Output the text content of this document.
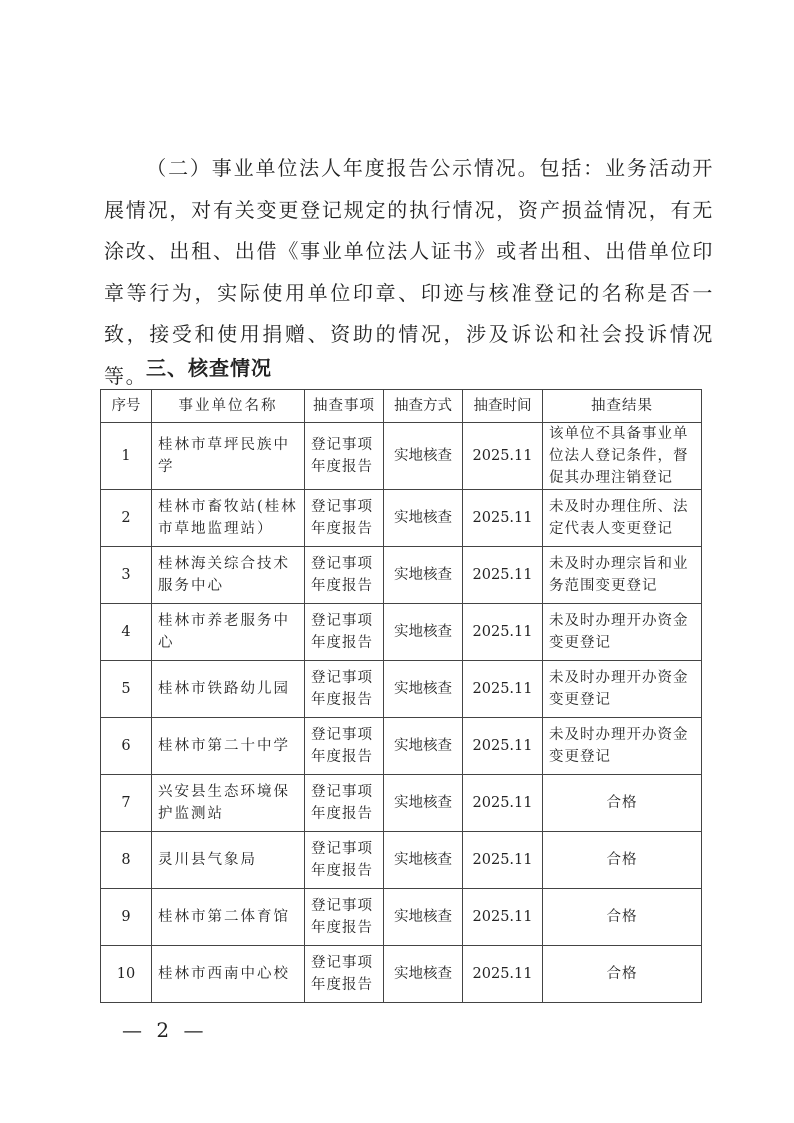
（二）事业单位法人年度报告公示情况。包括：业务活动开展情况，对有关变更登记规定的执行情况，资产损益情况，有无涂改、出租、出借《事业单位法人证书》或者出租、出借单位印章等行为，实际使用单位印章、印迹与核准登记的名称是否一致，接受和使用捐赠、资助的情况，涉及诉讼和社会投诉情况等。

三、核查情况
序号	事业单位名称	抽查事项	抽查方式	抽查时间	抽查结果
1	桂林市草坪民族中学	登记事项年度报告	实地核查	2025.11	该单位不具备事业单位法人登记条件，督促其办理注销登记
2	桂林市畜牧站(桂林市草地监理站）	登记事项年度报告	实地核查	2025.11	未及时办理住所、法定代表人变更登记
3	桂林海关综合技术服务中心	登记事项年度报告	实地核查	2025.11	未及时办理宗旨和业务范围变更登记
4	桂林市养老服务中心	登记事项年度报告	实地核查	2025.11	未及时办理开办资金变更登记
5	桂林市铁路幼儿园	登记事项年度报告	实地核查	2025.11	未及时办理开办资金变更登记
6	桂林市第二十中学	登记事项年度报告	实地核查	2025.11	未及时办理开办资金变更登记
7	兴安县生态环境保护监测站	登记事项年度报告	实地核查	2025.11	合格
8	灵川县气象局	登记事项年度报告	实地核查	2025.11	合格
9	桂林市第二体育馆	登记事项年度报告	实地核查	2025.11	合格
10	桂林市西南中心校	登记事项年度报告	实地核查	2025.11	合格
— 2 —
